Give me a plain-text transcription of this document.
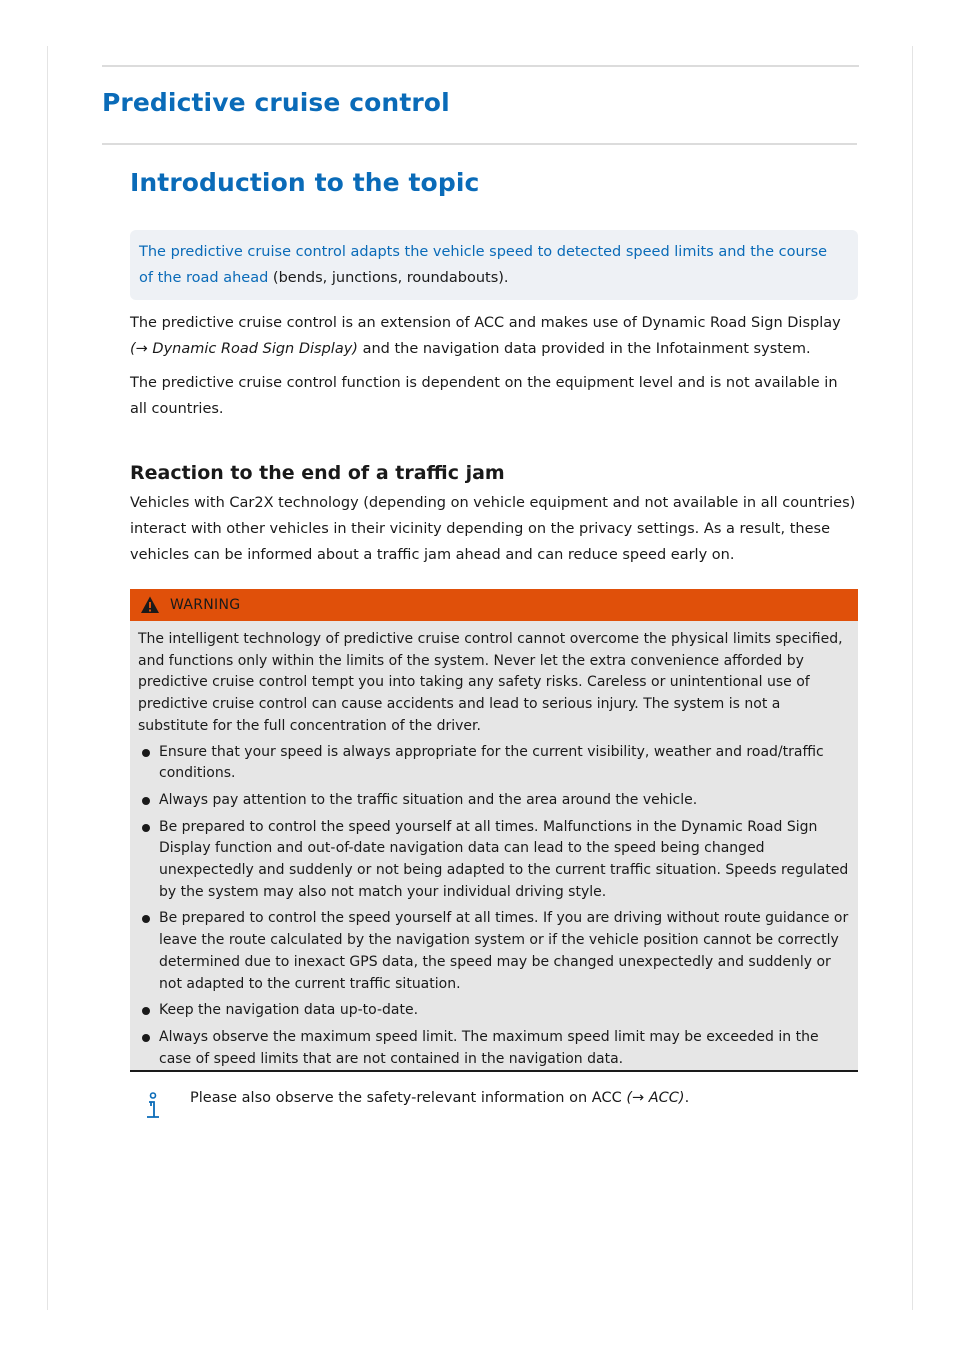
Predictive cruise control
Introduction to the topic
The predictive cruise control adapts the vehicle speed to detected speed limits and the course of the road ahead (bends, junctions, roundabouts).

The predictive cruise control is an extension of ACC and makes use of Dynamic Road Sign Display (→ Dynamic Road Sign Display) and the navigation data provided in the Infotainment system.

The predictive cruise control function is dependent on the equipment level and is not available in all countries.

Reaction to the end of a traffic jam

Vehicles with Car2X technology (depending on vehicle equipment and not available in all countries) interact with other vehicles in their vicinity depending on the privacy settings. As a result, these vehicles can be informed about a traffic jam ahead and can reduce speed early on.

WARNING

The intelligent technology of predictive cruise control cannot overcome the physical limits specified, and functions only within the limits of the system. Never let the extra convenience afforded by predictive cruise control tempt you into taking any safety risks. Careless or unintentional use of predictive cruise control can cause accidents and lead to serious injury. The system is not a substitute for the full concentration of the driver.

Ensure that your speed is always appropriate for the current visibility, weather and road/traffic conditions.
Always pay attention to the traffic situation and the area around the vehicle.
Be prepared to control the speed yourself at all times. Malfunctions in the Dynamic Road Sign Display function and out-of-date navigation data can lead to the speed being changed unexpectedly and suddenly or not being adapted to the current traffic situation. Speeds regulated by the system may also not match your individual driving style.
Be prepared to control the speed yourself at all times. If you are driving without route guidance or leave the route calculated by the navigation system or if the vehicle position cannot be correctly determined due to inexact GPS data, the speed may be changed unexpectedly and suddenly or not adapted to the current traffic situation.
Keep the navigation data up-to-date.
Always observe the maximum speed limit. The maximum speed limit may be exceeded in the case of speed limits that are not contained in the navigation data.

Please also observe the safety-relevant information on ACC (→ ACC).
